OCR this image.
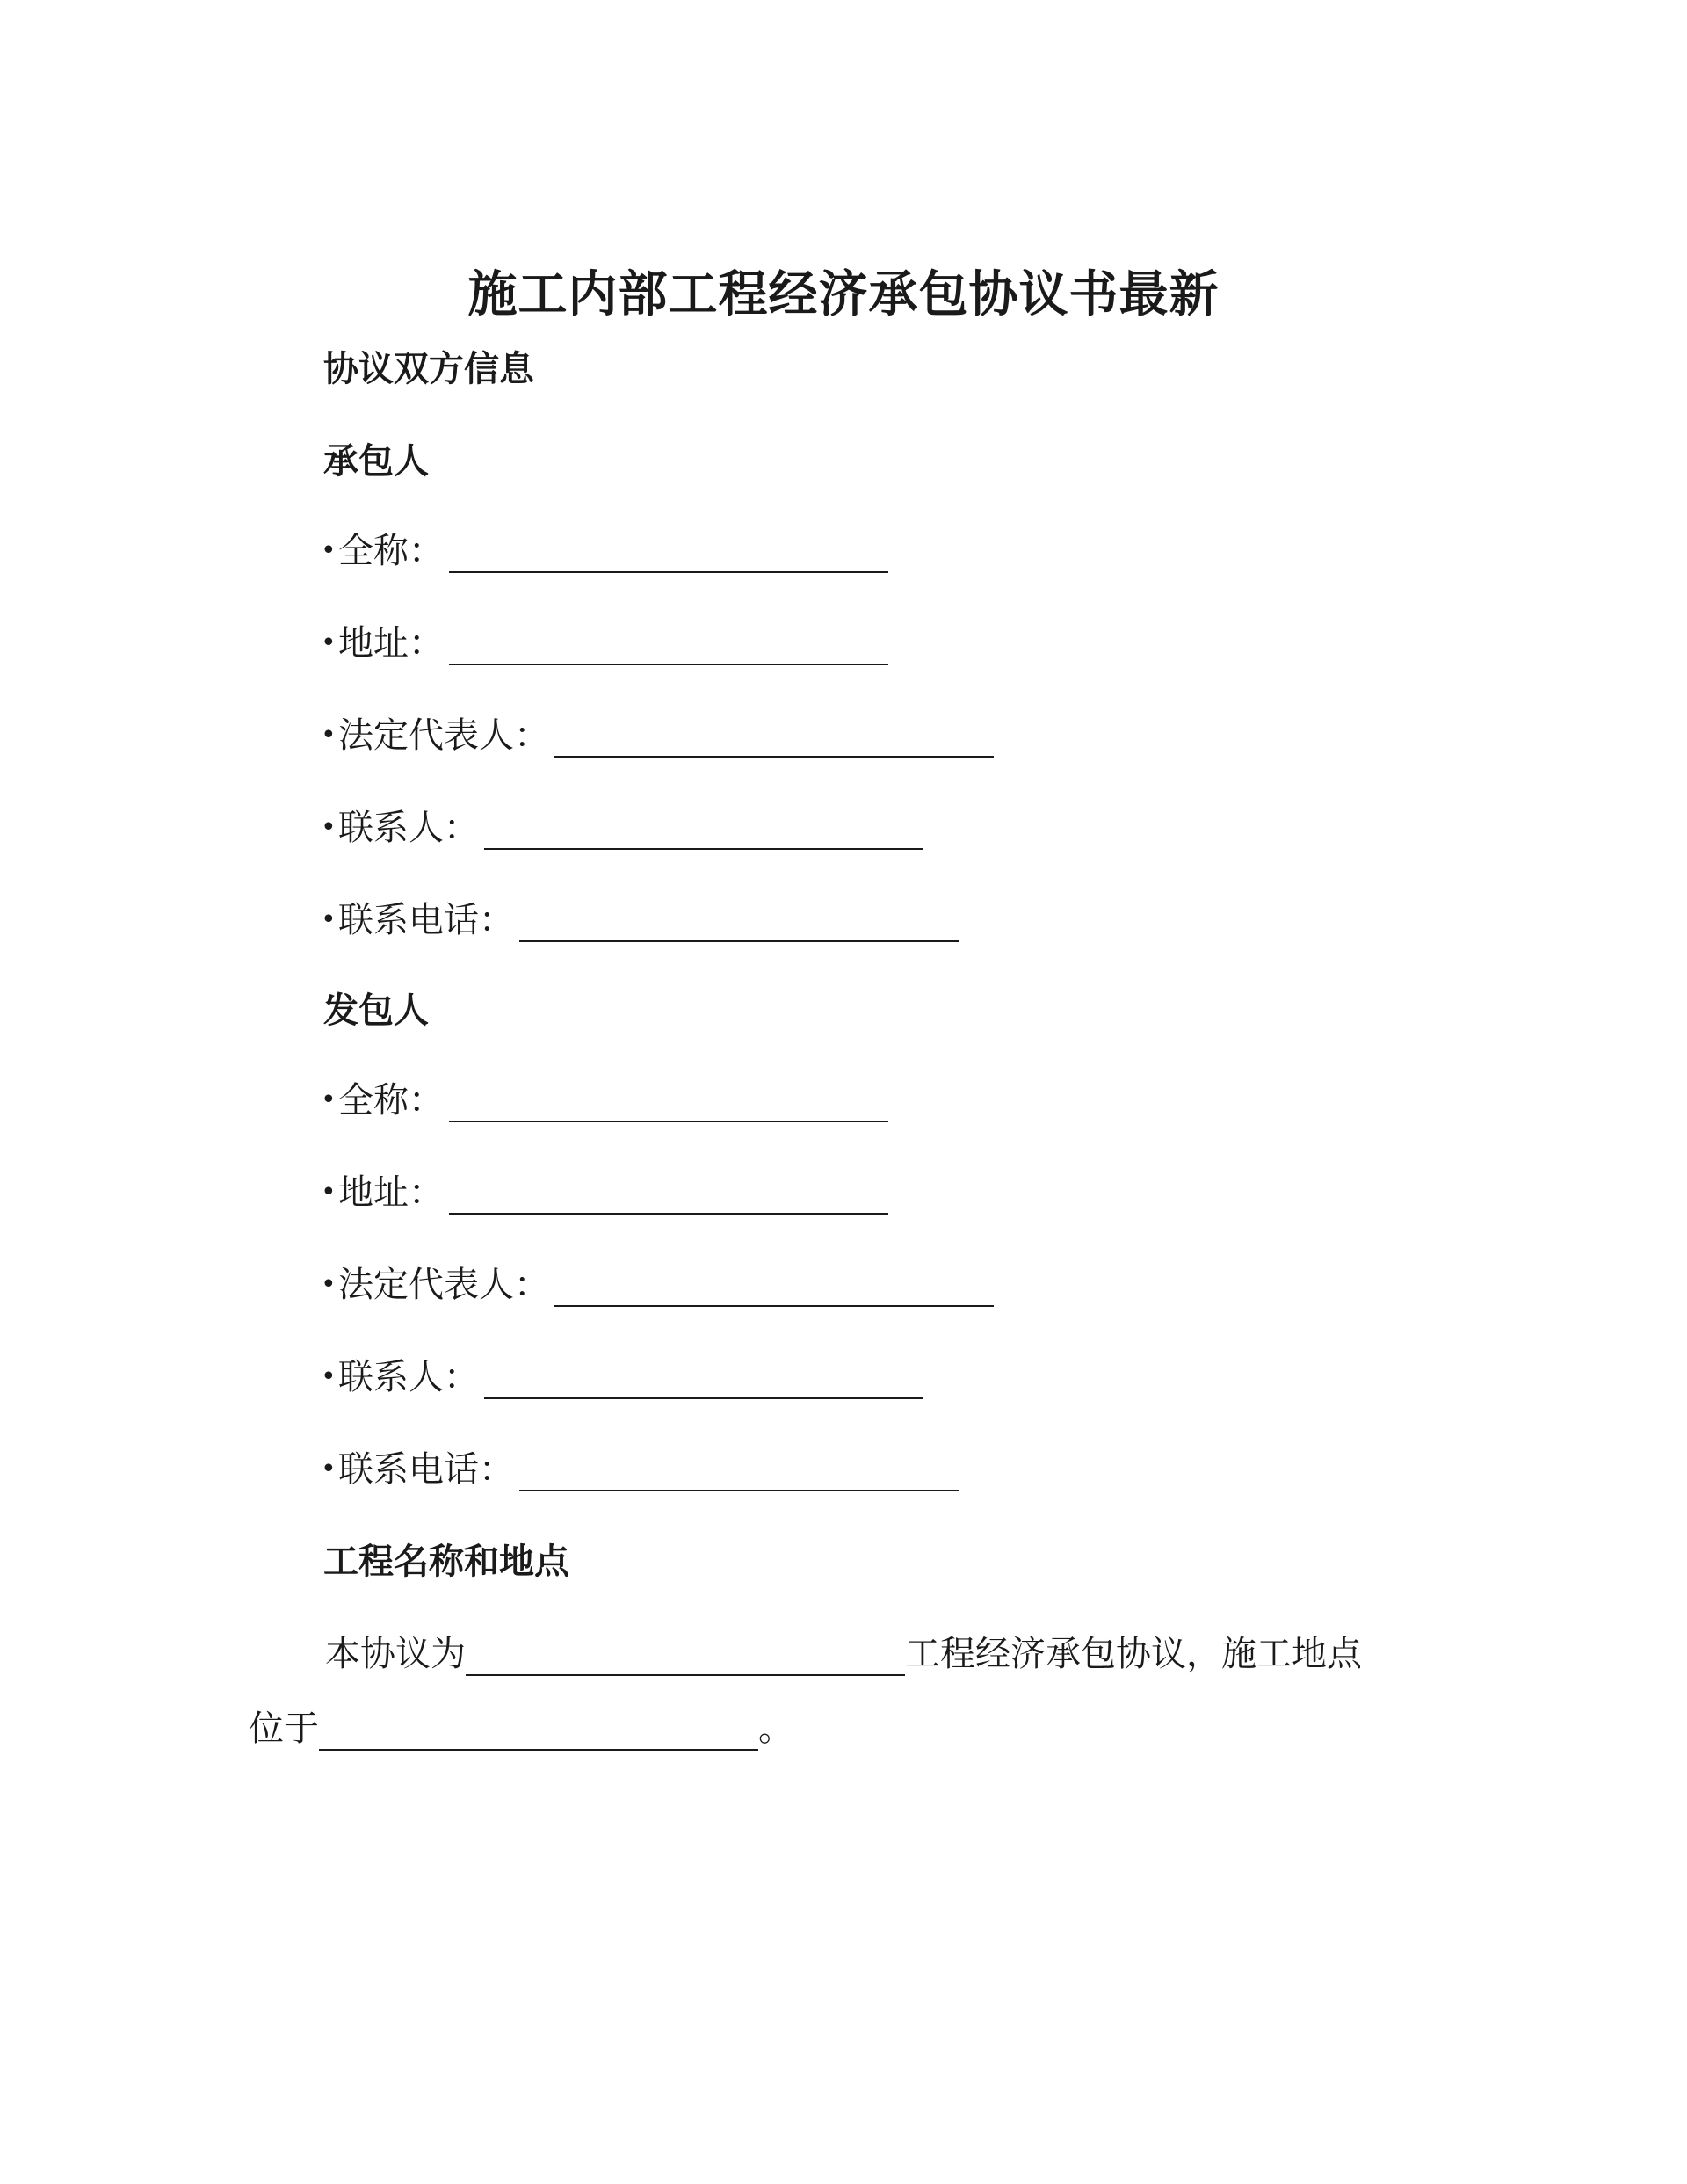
施工内部工程经济承包协议书最新
协议双方信息
承包人
• 全称：
• 地址：
• 法定代表人：
• 联系人：
• 联系电话：
发包人
• 全称：
• 地址：
• 法定代表人：
• 联系人：
• 联系电话：
工程名称和地点
本协议为	工程经济承包协议，施工地点
位于	。
